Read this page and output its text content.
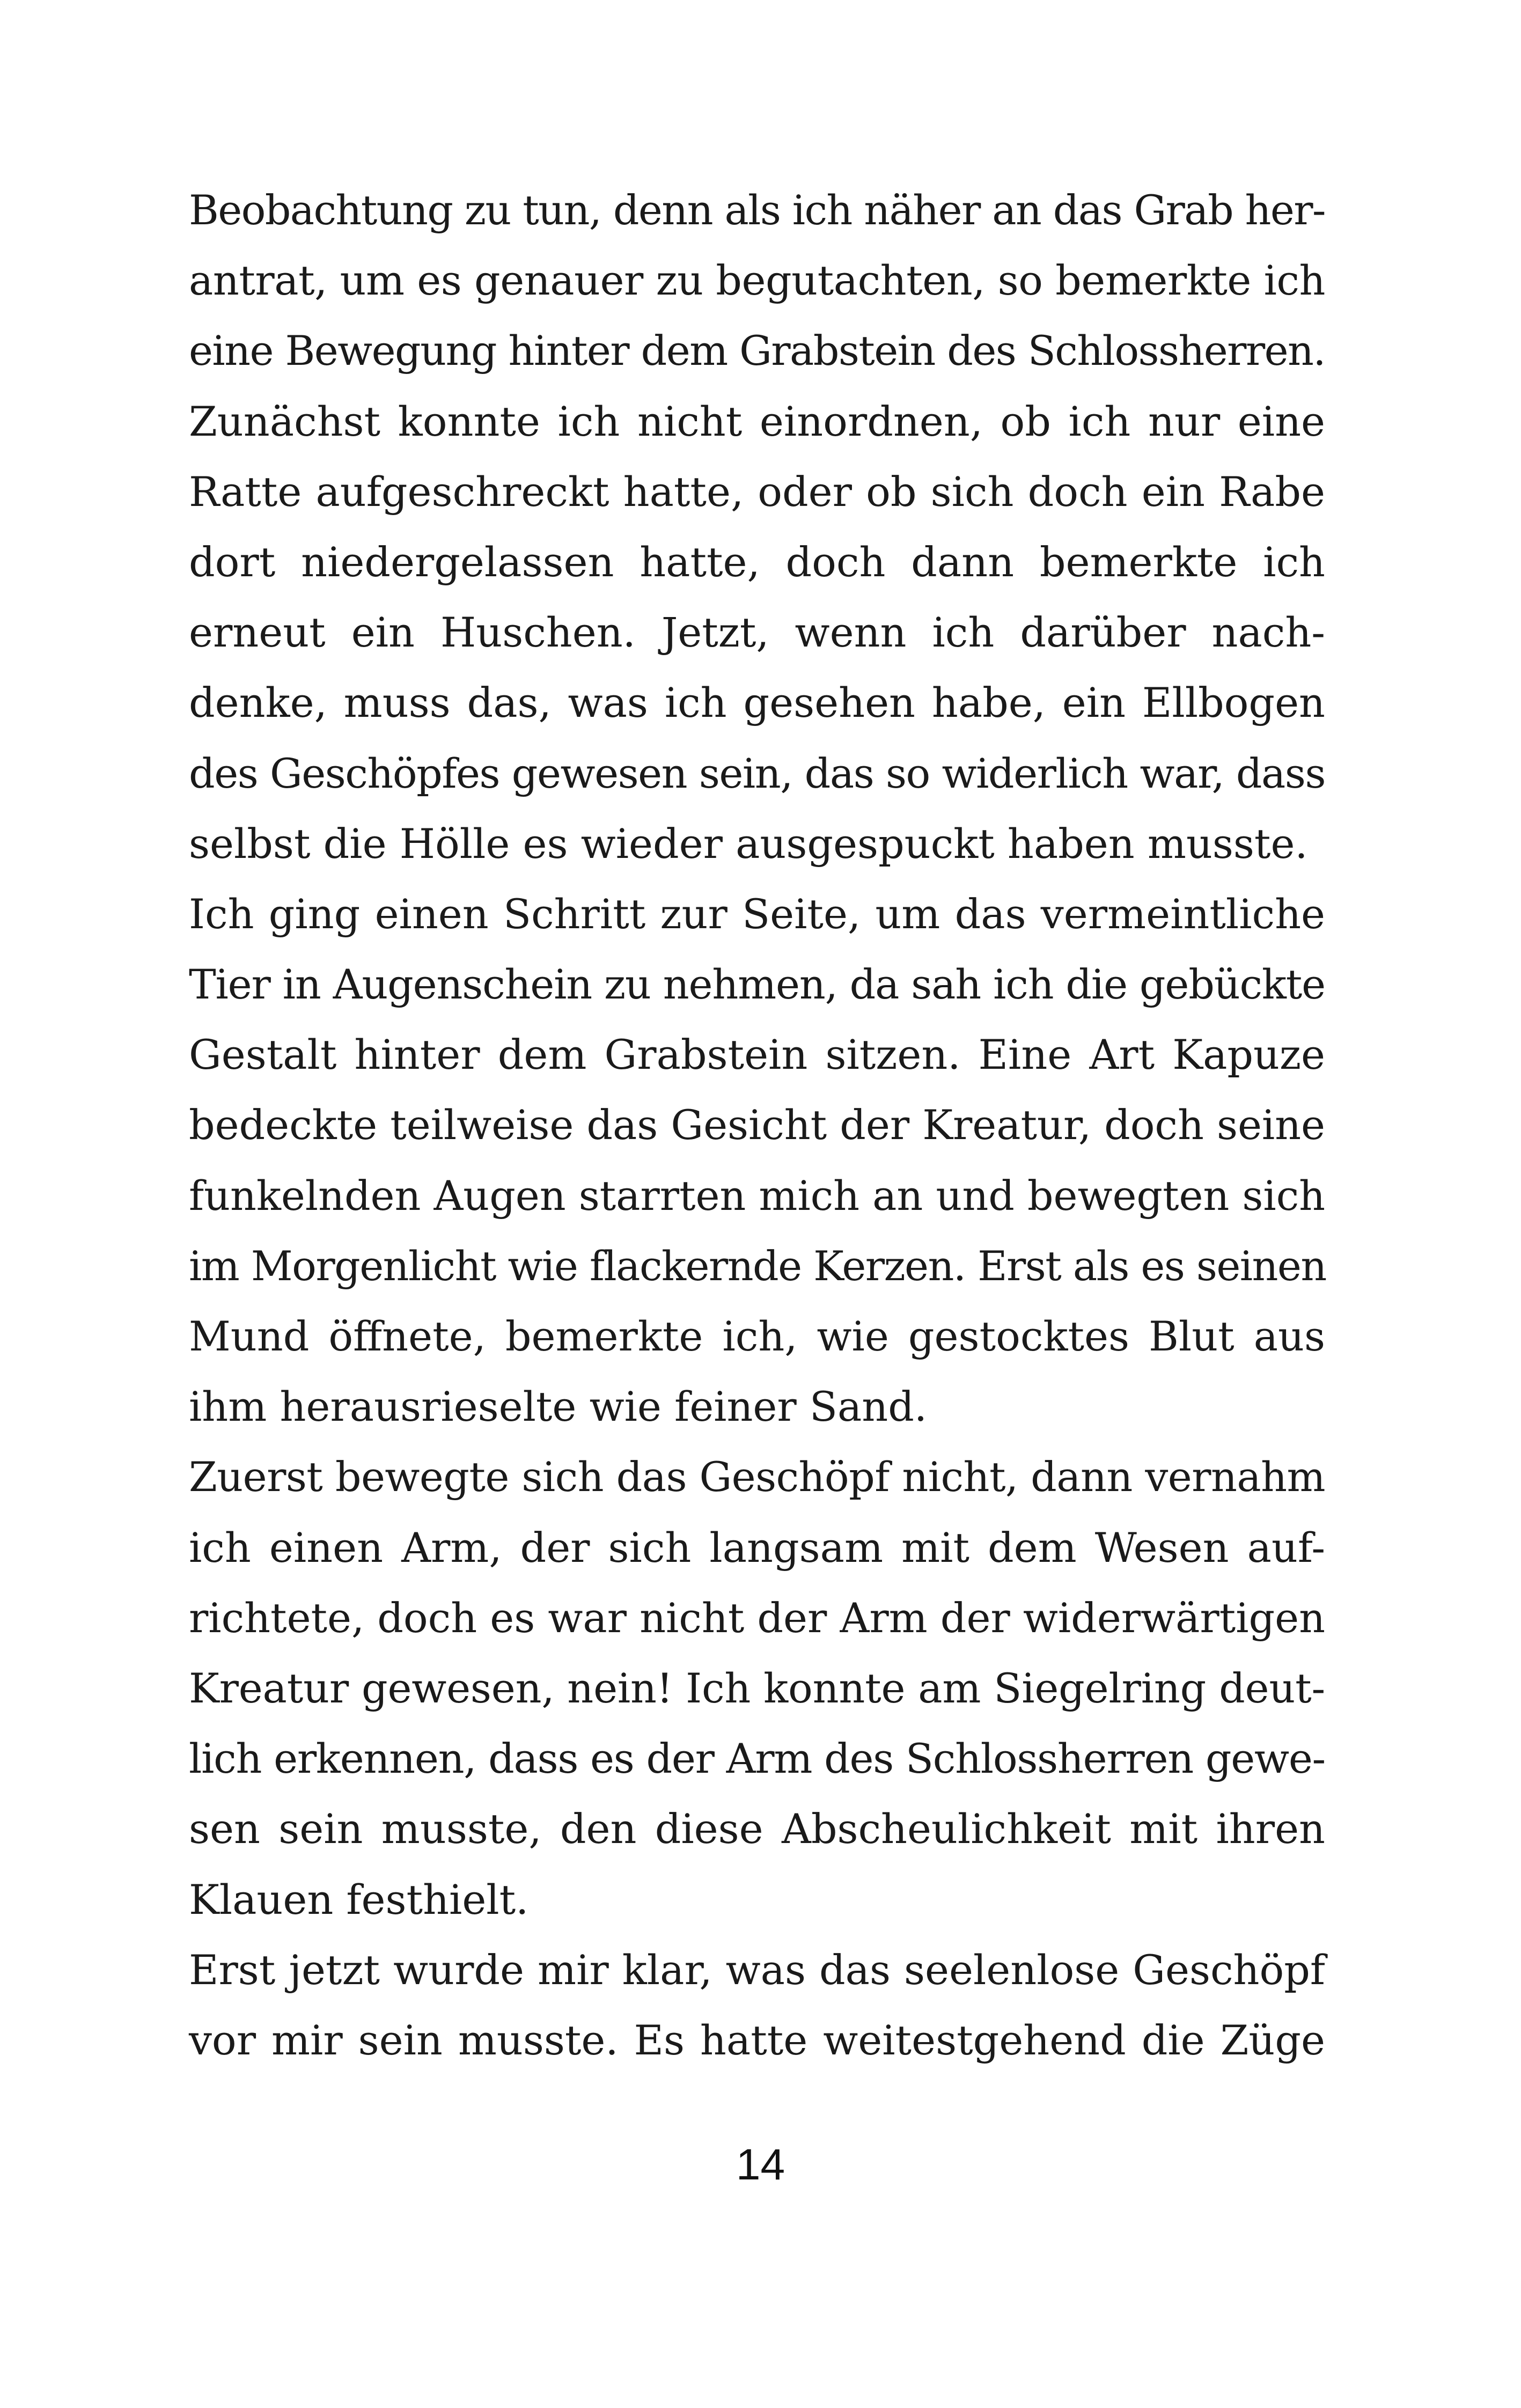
Beobachtung zu tun, denn als ich näher an das Grab her-
antrat, um es genauer zu begutachten, so bemerkte ich
eine Bewegung hinter dem Grabstein des Schlossherren.
Zunächst konnte ich nicht einordnen, ob ich nur eine
Ratte aufgeschreckt hatte, oder ob sich doch ein Rabe
dort niedergelassen hatte, doch dann bemerkte ich
erneut ein Huschen. Jetzt, wenn ich darüber nach-
denke, muss das, was ich gesehen habe, ein Ellbogen
des Geschöpfes gewesen sein, das so widerlich war, dass
selbst die Hölle es wieder ausgespuckt haben musste.
Ich ging einen Schritt zur Seite, um das vermeintliche
Tier in Augenschein zu nehmen, da sah ich die gebückte
Gestalt hinter dem Grabstein sitzen. Eine Art Kapuze
bedeckte teilweise das Gesicht der Kreatur, doch seine
funkelnden Augen starrten mich an und bewegten sich
im Morgenlicht wie flackernde Kerzen. Erst als es seinen
Mund öffnete, bemerkte ich, wie gestocktes Blut aus
ihm herausrieselte wie feiner Sand.
Zuerst bewegte sich das Geschöpf nicht, dann vernahm
ich einen Arm, der sich langsam mit dem Wesen auf-
richtete, doch es war nicht der Arm der widerwärtigen
Kreatur gewesen, nein! Ich konnte am Siegelring deut-
lich erkennen, dass es der Arm des Schlossherren gewe-
sen sein musste, den diese Abscheulichkeit mit ihren
Klauen festhielt.
Erst jetzt wurde mir klar, was das seelenlose Geschöpf
vor mir sein musste. Es hatte weitestgehend die Züge
14
